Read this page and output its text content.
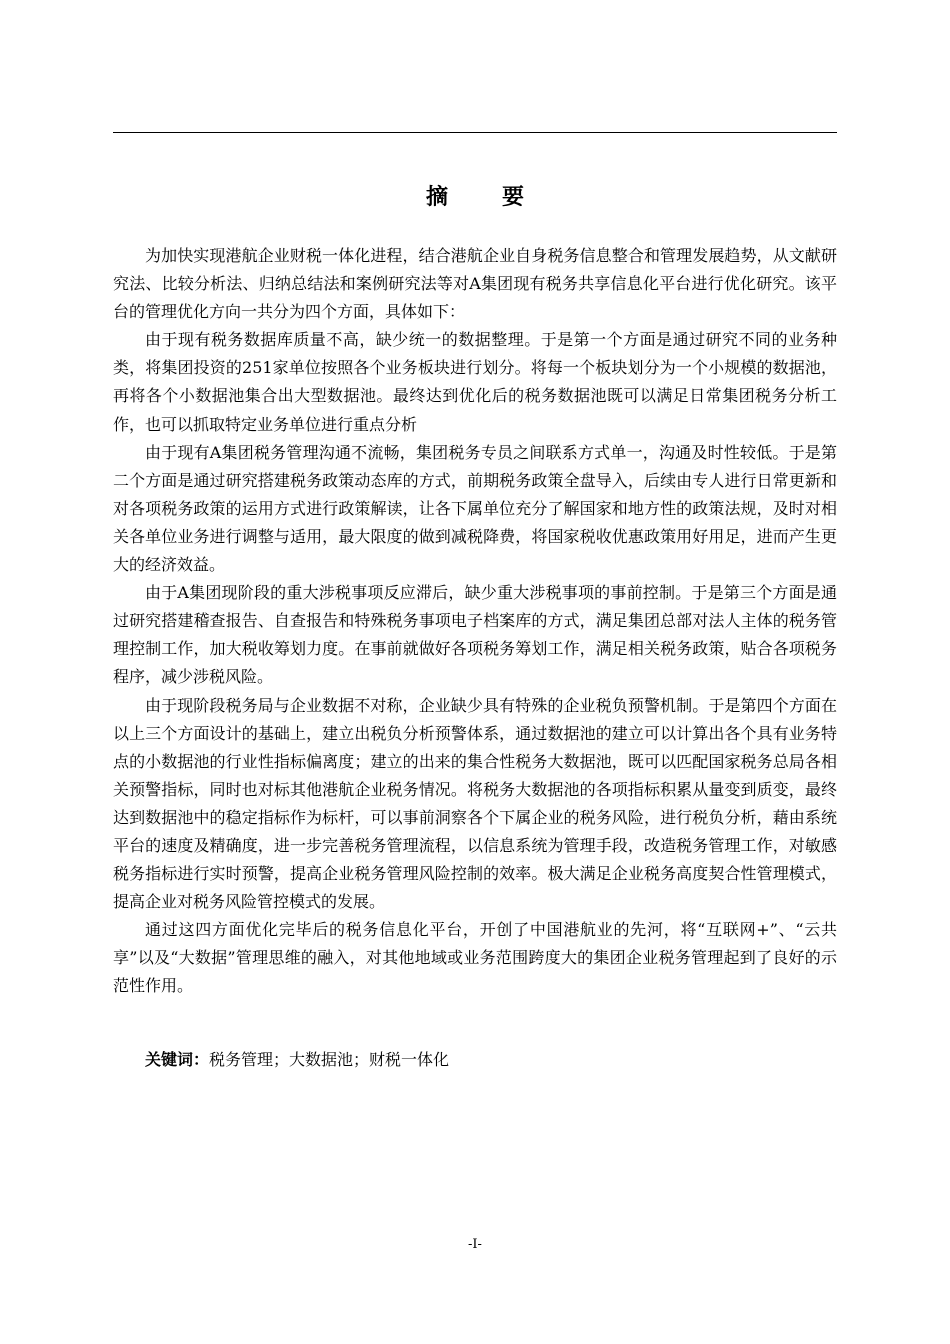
摘　要

为加快实现港航企业财税一体化进程，结合港航企业自身税务信息整合和管理发展趋势，从文献研究法、比较分析法、归纳总结法和案例研究法等对A集团现有税务共享信息化平台进行优化研究。该平台的管理优化方向一共分为四个方面，具体如下：

由于现有税务数据库质量不高，缺少统一的数据整理。于是第一个方面是通过研究不同的业务种类，将集团投资的251家单位按照各个业务板块进行划分。将每一个板块划分为一个小规模的数据池，再将各个小数据池集合出大型数据池。最终达到优化后的税务数据池既可以满足日常集团税务分析工作，也可以抓取特定业务单位进行重点分析

由于现有A集团税务管理沟通不流畅，集团税务专员之间联系方式单一，沟通及时性较低。于是第二个方面是通过研究搭建税务政策动态库的方式，前期税务政策全盘导入，后续由专人进行日常更新和对各项税务政策的运用方式进行政策解读，让各下属单位充分了解国家和地方性的政策法规，及时对相关各单位业务进行调整与适用，最大限度的做到减税降费，将国家税收优惠政策用好用足，进而产生更大的经济效益。

由于A集团现阶段的重大涉税事项反应滞后，缺少重大涉税事项的事前控制。于是第三个方面是通过研究搭建稽查报告、自查报告和特殊税务事项电子档案库的方式，满足集团总部对法人主体的税务管理控制工作，加大税收筹划力度。在事前就做好各项税务筹划工作，满足相关税务政策，贴合各项税务程序，减少涉税风险。

由于现阶段税务局与企业数据不对称，企业缺少具有特殊的企业税负预警机制。于是第四个方面在以上三个方面设计的基础上，建立出税负分析预警体系，通过数据池的建立可以计算出各个具有业务特点的小数据池的行业性指标偏离度；建立的出来的集合性税务大数据池，既可以匹配国家税务总局各相关预警指标，同时也对标其他港航企业税务情况。将税务大数据池的各项指标积累从量变到质变，最终达到数据池中的稳定指标作为标杆，可以事前洞察各个下属企业的税务风险，进行税负分析，藉由系统平台的速度及精确度，进一步完善税务管理流程，以信息系统为管理手段，改造税务管理工作，对敏感税务指标进行实时预警，提高企业税务管理风险控制的效率。极大满足企业税务高度契合性管理模式，提高企业对税务风险管控模式的发展。

通过这四方面优化完毕后的税务信息化平台，开创了中国港航业的先河，将“互联网+”、“云共享”以及“大数据”管理思维的融入，对其他地域或业务范围跨度大的集团企业税务管理起到了良好的示范性作用。

关键词：税务管理；大数据池；财税一体化
-I-
